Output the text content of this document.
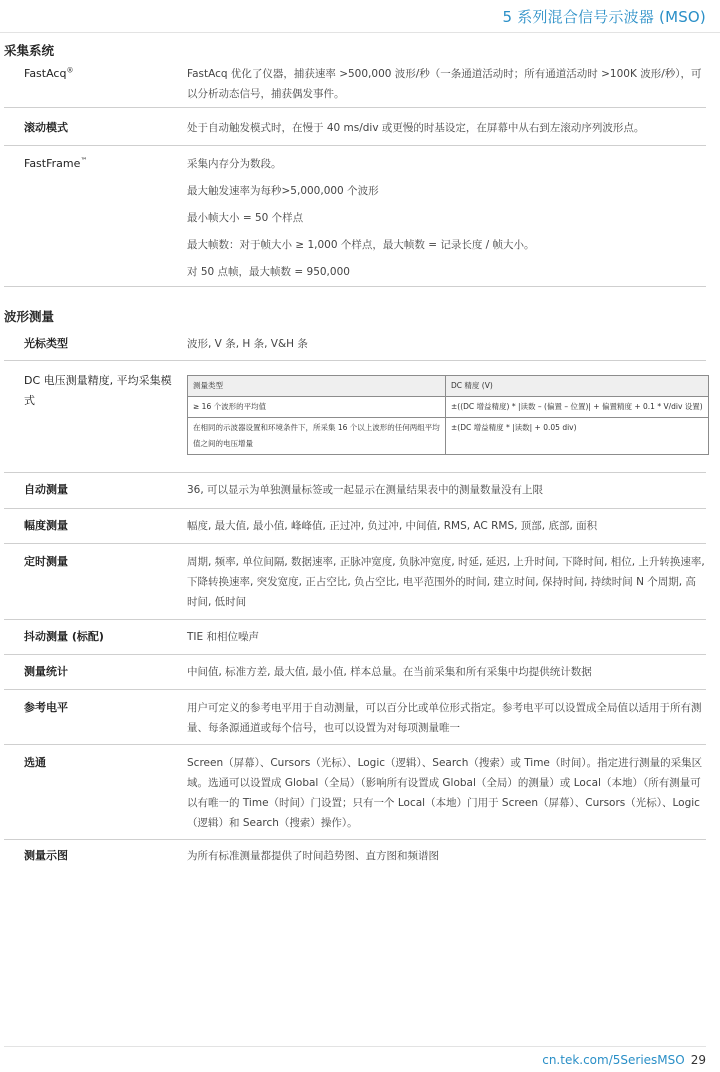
5 系列混合信号示波器 (MSO)
采集系统
FastAcq®	FastAcq 优化了仪器，捕获速率 >500,000 波形/秒（一条通道活动时；所有通道活动时 >100K 波形/秒），可以分析动态信号，捕获偶发事件。
滚动模式	处于自动触发模式时，在慢于 40 ms/div 或更慢的时基设定，在屏幕中从右到左滚动序列波形点。
FastFrame™	采集内存分为数段。

最大触发速率为每秒>5,000,000 个波形

最小帧大小 = 50 个样点

最大帧数：对于帧大小 ≥ 1,000 个样点，最大帧数 = 记录长度 / 帧大小。

对 50 点帧，最大帧数 = 950,000

波形测量
光标类型	波形, V 条, H 条, V&H 条
DC 电压测量精度, 平均采集模式
测量类型	DC 精度 (V)
≥ 16 个波形的平均值	±((DC 增益精度) * |读数 – (偏置 – 位置)| + 偏置精度 + 0.1 * V/div 设置)
在相同的示波器设置和环境条件下，所采集 16 个以上波形的任何两组平均值之间的电压增量	±(DC 增益精度 * |读数| + 0.05 div)
自动测量	36, 可以显示为单独测量标签或一起显示在测量结果表中的测量数量没有上限
幅度测量	幅度, 最大值, 最小值, 峰峰值, 正过冲, 负过冲, 中间值, RMS, AC RMS, 顶部, 底部, 面积
定时测量	周期, 频率, 单位间隔, 数据速率, 正脉冲宽度, 负脉冲宽度, 时延, 延迟, 上升时间, 下降时间, 相位, 上升转换速率, 下降转换速率, 突发宽度, 正占空比, 负占空比, 电平范围外的时间, 建立时间, 保持时间, 持续时间 N 个周期, 高时间, 低时间
抖动测量 (标配)	TIE 和相位噪声
测量统计	中间值, 标准方差, 最大值, 最小值, 样本总量。在当前采集和所有采集中均提供统计数据
参考电平	用户可定义的参考电平用于自动测量，可以百分比或单位形式指定。参考电平可以设置成全局值以适用于所有测量、每条源通道或每个信号，也可以设置为对每项测量唯一
选通	Screen（屏幕）、Cursors（光标）、Logic（逻辑）、Search（搜索）或 Time（时间）。指定进行测量的采集区域。选通可以设置成 Global（全局）（影响所有设置成 Global（全局）的测量）或 Local（本地）（所有测量可以有唯一的 Time（时间）门设置；只有一个 Local（本地）门用于 Screen（屏幕）、Cursors（光标）、Logic（逻辑）和 Search（搜索）操作）。
测量示图	为所有标准测量都提供了时间趋势图、直方图和频谱图
cn.tek.com/5SeriesMSO 29
